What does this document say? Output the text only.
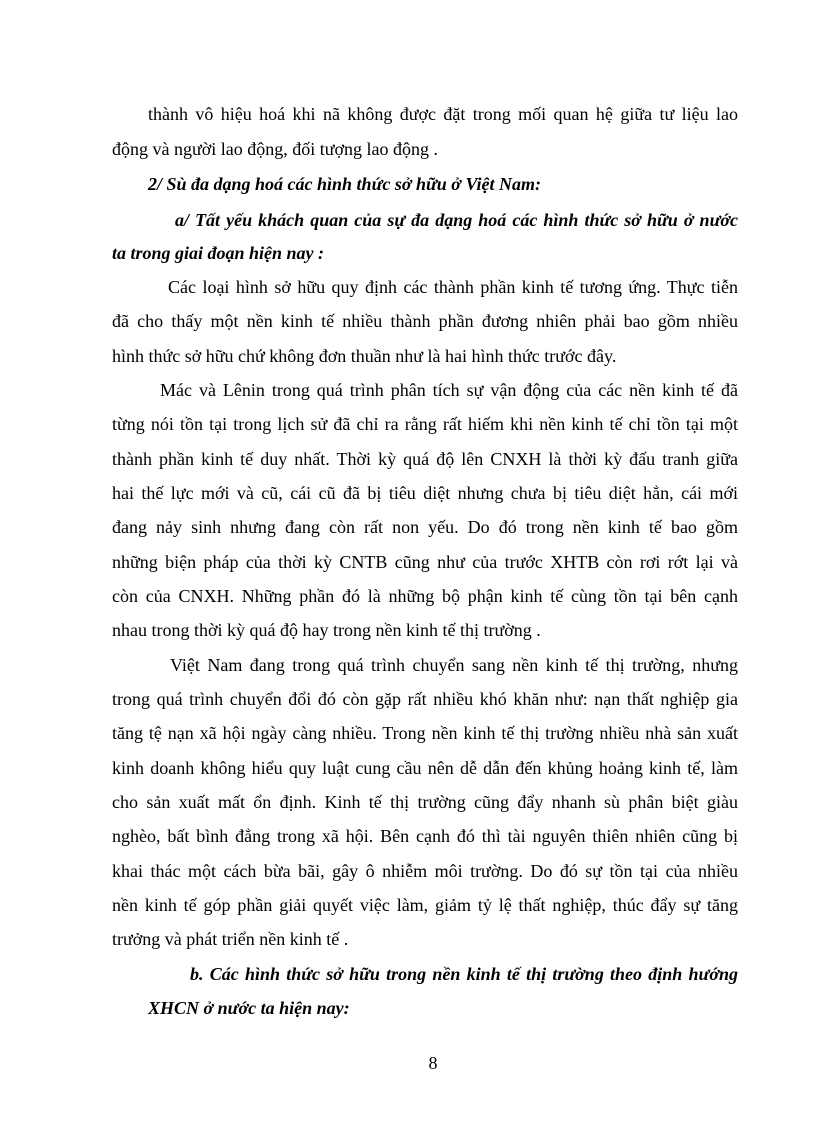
thành vô hiệu hoá khi nã không được đặt trong mối quan hệ giữa tư liệu lao
động và người lao động, đối tượng lao động .
2/ Sù đa dạng hoá các hình thức sở hữu ở Việt Nam:
a/ Tất yếu khách quan của sự đa dạng hoá các hình thức sở hữu ở nước
ta trong giai đoạn hiện nay :
Các loại hình sở hữu quy định các thành phần kinh tế tương ứng. Thực tiễn
đã cho thấy một nền kinh tế nhiều thành phần đương nhiên phải bao gồm nhiều
hình thức sở hữu chứ không đơn thuần như là hai hình thức trước đây.
Mác và Lênin trong quá trình phân tích sự vận động của các nền kinh tế đã
từng nói tồn tại trong lịch sử đã chỉ ra rằng rất hiếm khi nền kinh tế chỉ tồn tại một
thành phần kinh tế duy nhất. Thời kỳ quá độ lên CNXH là thời kỳ đấu tranh giữa
hai thế lực mới và cũ, cái cũ đã bị tiêu diệt nhưng chưa bị tiêu diệt hẳn, cái mới
đang nảy sinh nhưng đang còn rất non yếu. Do đó trong nền kinh tế bao gồm
những biện pháp của thời kỳ CNTB cũng như của trước XHTB còn rơi rớt lại và
còn của CNXH. Những phần đó là những bộ phận kinh tế cùng tồn tại bên cạnh
nhau trong thời kỳ quá độ hay trong nền kinh tế thị trường .
Việt Nam đang trong quá trình chuyển sang nền kinh tế thị trường, nhưng
trong quá trình chuyển đổi đó còn gặp rất nhiều khó khăn như: nạn thất nghiệp gia
tăng tệ nạn xã hội ngày càng nhiều. Trong nền kinh tế thị trường nhiều nhà sản xuất
kinh doanh không hiểu quy luật cung cầu nên dễ dẫn đến khủng hoảng kinh tế, làm
cho sản xuất mất ổn định. Kinh tế thị trường cũng đẩy nhanh sù phân biệt giàu
nghèo, bất bình đẳng trong xã hội. Bên cạnh đó thì tài nguyên thiên nhiên cũng bị
khai thác một cách bừa bãi, gây ô nhiễm môi trường. Do đó sự tồn tại của nhiều
nền kinh tế góp phần giải quyết việc làm, giảm tỷ lệ thất nghiệp, thúc đẩy sự tăng
trưởng và phát triển nền kinh tế .
b. Các hình thức sở hữu trong nền kinh tế thị trường theo định hướng
XHCN ở nước ta hiện nay:
8
